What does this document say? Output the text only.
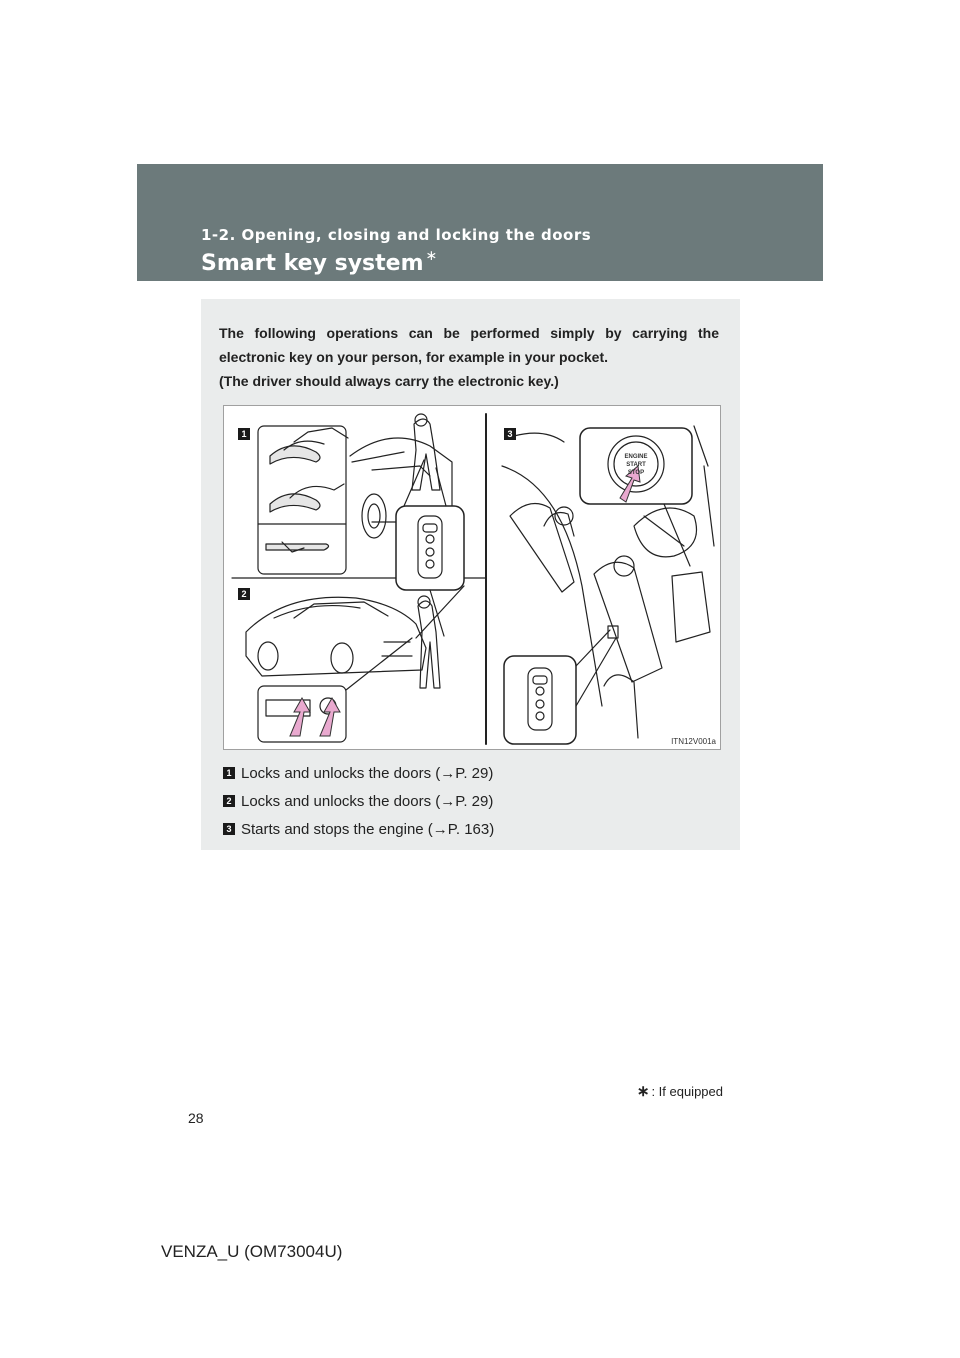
1-2. Opening, closing and locking the doors
Smart key system ∗

The following operations can be performed simply by carrying the electronic key on your person, for example in your pocket.

(The driver should always carry the electronic key.)

ENGINE
START
STOP
1
2
3
ITN12V001a
1 Locks and unlocks the doors (→P. 29)
2 Locks and unlocks the doors (→P. 29)
3 Starts and stops the engine (→P. 163)
∗ : If equipped
28
VENZA_U (OM73004U)
